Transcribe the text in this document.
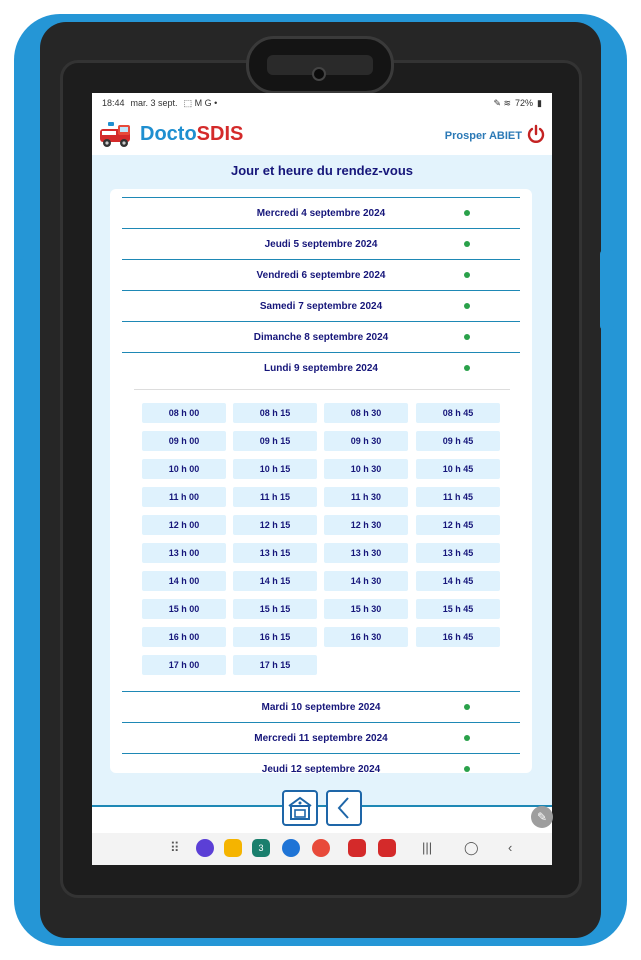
18:44 mar. 3 sept. ⬚ M G •	✎ ≋ 72% ▮
DoctoSDIS	Prosper ABIET
Jour et heure du rendez-vous
Mercredi 4 septembre 2024
Jeudi 5 septembre 2024
Vendredi 6 septembre 2024
Samedi 7 septembre 2024
Dimanche 8 septembre 2024
Lundi 9 septembre 2024
08 h 00	08 h 15	08 h 30	08 h 45
09 h 00	09 h 15	09 h 30	09 h 45
10 h 00	10 h 15	10 h 30	10 h 45
11 h 00	11 h 15	11 h 30	11 h 45
12 h 00	12 h 15	12 h 30	12 h 45
13 h 00	13 h 15	13 h 30	13 h 45
14 h 00	14 h 15	14 h 30	14 h 45
15 h 00	15 h 15	15 h 30	15 h 45
16 h 00	16 h 15	16 h 30	16 h 45
17 h 00	17 h 15
Mardi 10 septembre 2024
Mercredi 11 septembre 2024
Jeudi 12 septembre 2024
⠿	3	||| ◯ ‹
✎
